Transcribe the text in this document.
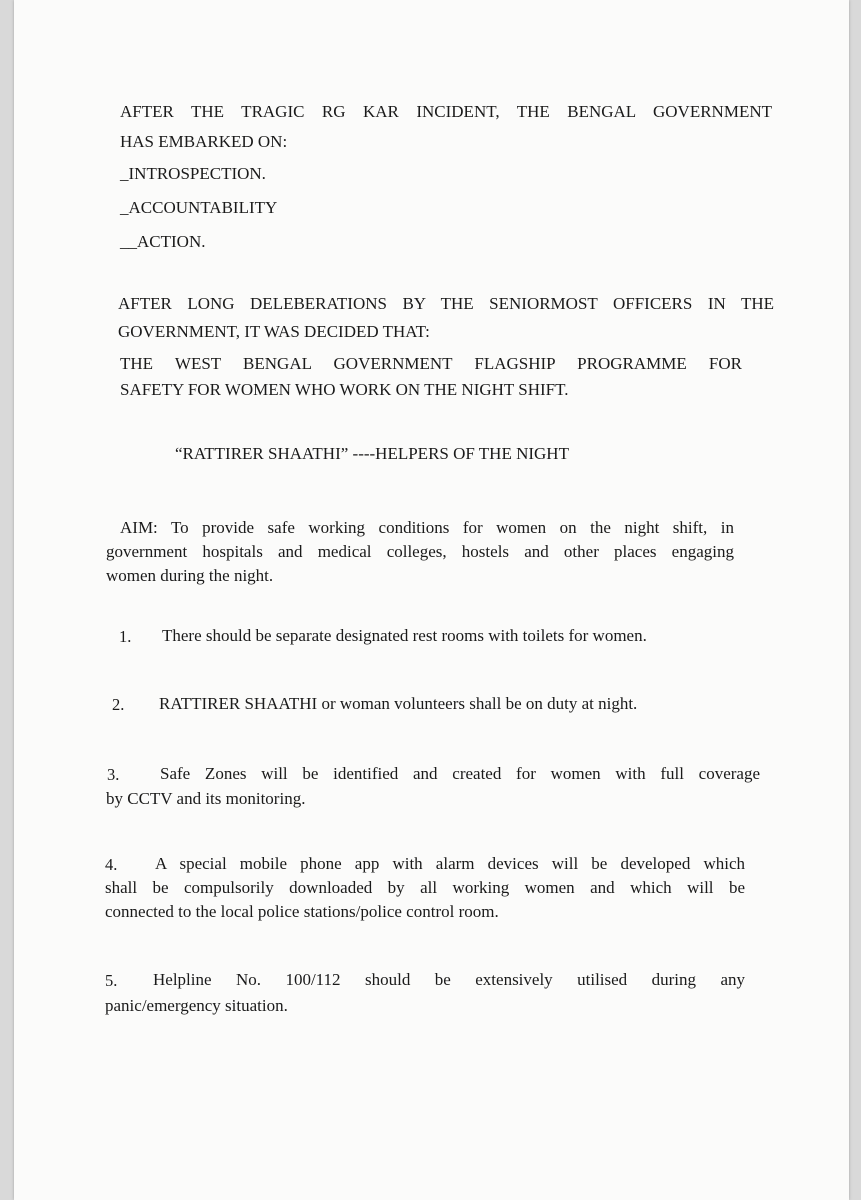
AFTER THE TRAGIC RG KAR INCIDENT, THE BENGAL GOVERNMENT
HAS EMBARKED ON:
_INTROSPECTION.
_ACCOUNTABILITY
__ACTION.
AFTER LONG DELEBERATIONS BY THE SENIORMOST OFFICERS IN THE
GOVERNMENT, IT WAS DECIDED THAT:
THE WEST BENGAL GOVERNMENT FLAGSHIP PROGRAMME FOR
SAFETY FOR WOMEN WHO WORK ON THE NIGHT SHIFT.
“RATTIRER SHAATHI” ----HELPERS OF THE NIGHT
AIM: To provide safe working conditions for women on the night shift, in
government hospitals and medical colleges, hostels and other places engaging
women during the night.
1. There should be separate designated rest rooms with toilets for women.
2. RATTIRER SHAATHI or woman volunteers shall be on duty at night.
3. Safe Zones will be identified and created for women with full coverage
by CCTV and its monitoring.
4. A special mobile phone app with alarm devices will be developed which
shall be compulsorily downloaded by all working women and which will be
connected to the local police stations/police control room.
5. Helpline No. 100/112 should be extensively utilised during any
panic/emergency situation.
